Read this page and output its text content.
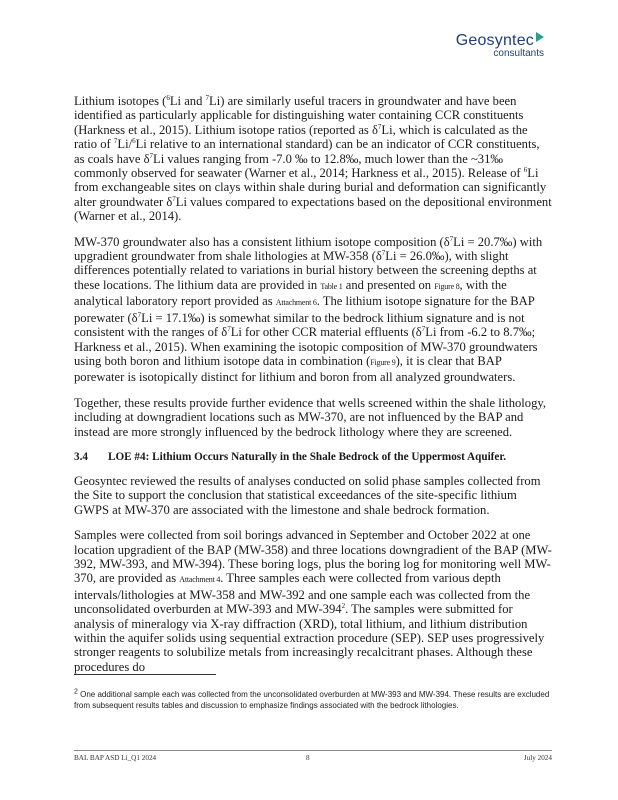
Geosyntec
consultants

Lithium isotopes ($^6$Li and $^7$Li) are similarly useful tracers in groundwater and have been identified as particularly applicable for distinguishing water containing CCR constituents (Harkness et al., 2015). Lithium isotope ratios (reported as $\delta^7Li$, which is calculated as the ratio of $^7$Li/$^6$Li relative to an international standard) can be an indicator of CCR constituents, as coals have $\delta^7Li$ values ranging from -7.0 ‰ to 12.8‰, much lower than the ~31‰ commonly observed for seawater (Warner et al., 2014; Harkness et al., 2015). Release of $^6$Li from exchangeable sites on clays within shale during burial and deformation can significantly alter groundwater $\delta^7Li$ values compared to expectations based on the depositional environment (Warner et al., 2014).

MW-370 groundwater also has a consistent lithium isotope composition ($\delta^7Li$ = 20.7‰) with upgradient groundwater from shale lithologies at MW-358 ($\delta^7Li$ = 26.0‰), with slight differences potentially related to variations in burial history between the screening depths at these locations. The lithium data are provided in Table 1 and presented on Figure 8, with the analytical laboratory report provided as Attachment 6. The lithium isotope signature for the BAP porewater ($\delta^7Li$ = 17.1‰) is somewhat similar to the bedrock lithium signature and is not consistent with the ranges of $\delta^7Li$ for other CCR material effluents ($\delta^7Li$ from -6.2 to 8.7‰; Harkness et al., 2015). When examining the isotopic composition of MW-370 groundwaters using both boron and lithium isotope data in combination (Figure 9), it is clear that BAP porewater is isotopically distinct for lithium and boron from all analyzed groundwaters.

Together, these results provide further evidence that wells screened within the shale lithology, including at downgradient locations such as MW-370, are not influenced by the BAP and instead are more strongly influenced by the bedrock lithology where they are screened.

3.4	LOE #4: Lithium Occurs Naturally in the Shale Bedrock of the Uppermost Aquifer.

Geosyntec reviewed the results of analyses conducted on solid phase samples collected from the Site to support the conclusion that statistical exceedances of the site-specific lithium GWPS at MW-370 are associated with the limestone and shale bedrock formation.

Samples were collected from soil borings advanced in September and October 2022 at one location upgradient of the BAP (MW-358) and three locations downgradient of the BAP (MW-392, MW-393, and MW-394). These boring logs, plus the boring log for monitoring well MW-370, are provided as Attachment 4. Three samples each were collected from various depth intervals/lithologies at MW-358 and MW-392 and one sample each was collected from the unconsolidated overburden at MW-393 and $MW-394^2$. The samples were submitted for analysis of mineralogy via X-ray diffraction (XRD), total lithium, and lithium distribution within the aquifer solids using sequential extraction procedure (SEP). SEP uses progressively stronger reagents to solubilize metals from increasingly recalcitrant phases. Although these procedures do

$^2$ One additional sample each was collected from the unconsolidated overburden at MW-393 and MW-394. These results are excluded from subsequent results tables and discussion to emphasize findings associated with the bedrock lithologies.
BAL BAP ASD Li_Q1 2024	8	July 2024
